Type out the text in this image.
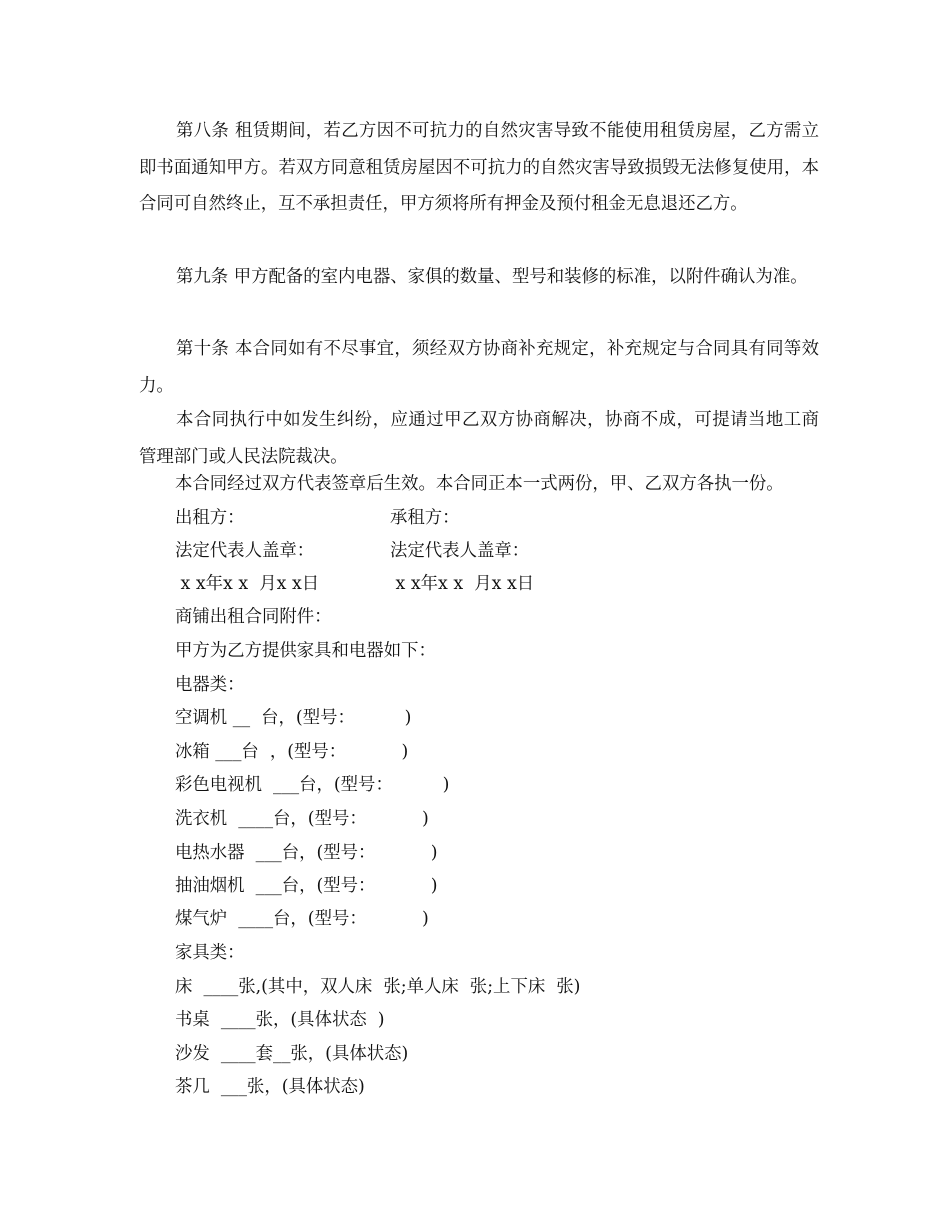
第八条 租赁期间，若乙方因不可抗力的自然灾害导致不能使用租赁房屋，乙方需立即书面通知甲方。若双方同意租赁房屋因不可抗力的自然灾害导致损毁无法修复使用，本合同可自然终止，互不承担责任，甲方须将所有押金及预付租金无息退还乙方。

第九条 甲方配备的室内电器、家俱的数量、型号和装修的标准，以附件确认为准。

第十条 本合同如有不尽事宜，须经双方协商补充规定，补充规定与合同具有同等效力。

本合同执行中如发生纠纷，应通过甲乙双方协商解决，协商不成，可提请当地工商管理部门或人民法院裁决。

本合同经过双方代表签章后生效。本合同正本一式两份，甲、乙双方各执一份。

出租方：	承租方：

法定代表人盖章：	法定代表人盖章：

x x年x x  月x x日	x x年x x  月x x日

商铺出租合同附件：

甲方为乙方提供家具和电器如下：

电器类：

空调机 __  台，(型号：         )

冰箱 ___台  ，(型号：          )

彩色电视机  ___台，(型号：         )

洗衣机  ____台，(型号：          )

电热水器  ___台，(型号：          )

抽油烟机  ___台，(型号：          )

煤气炉  ____台，(型号：          )

家具类：

床  ____张,(其中，双人床  张;单人床  张;上下床  张)

书桌  ____张，(具体状态  )

沙发  ____套__张，(具体状态)

茶几  ___张，(具体状态)
